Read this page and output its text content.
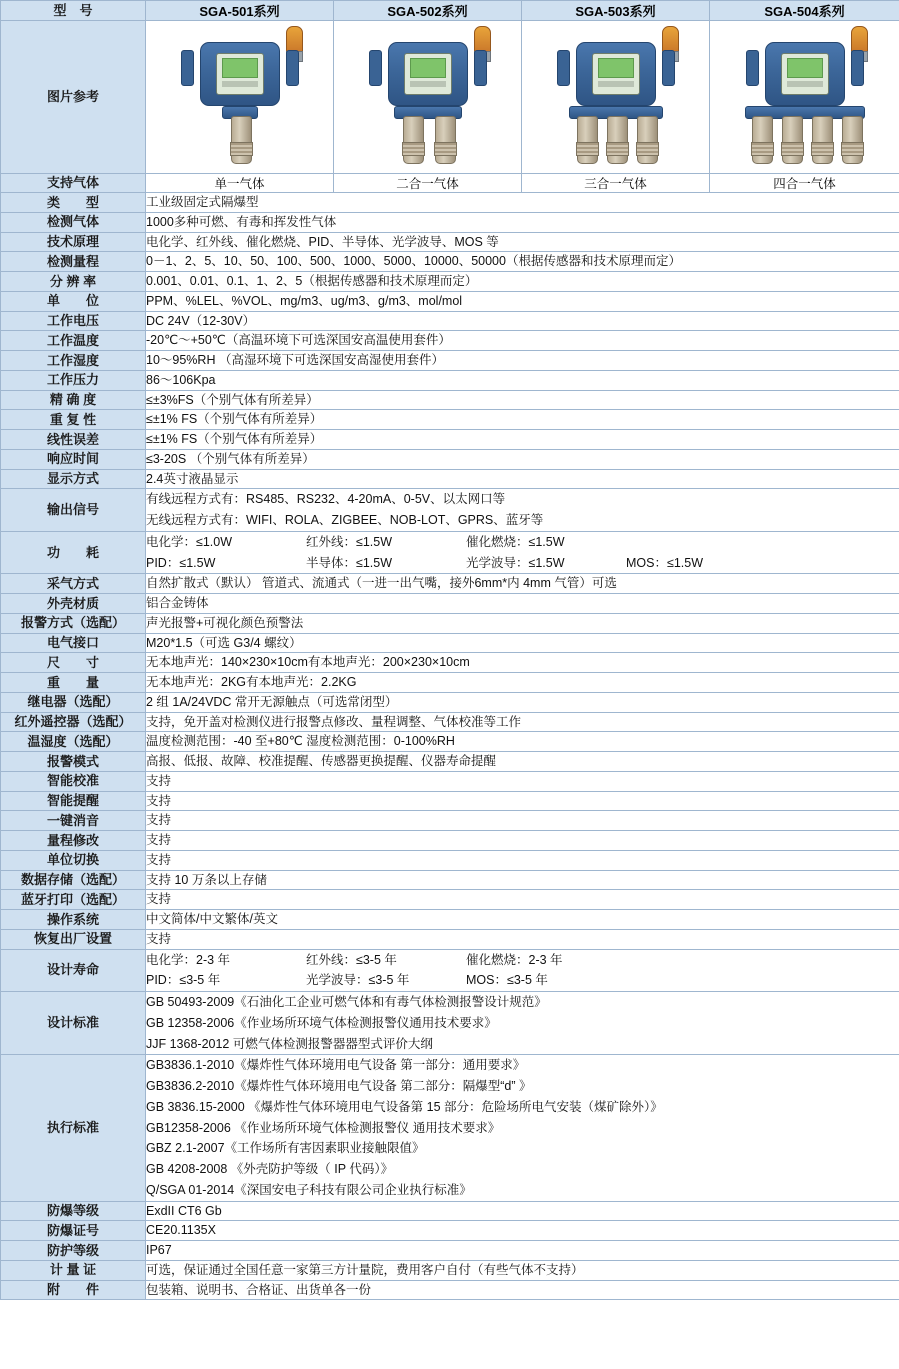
型　号	SGA-501系列	SGA-502系列	SGA-503系列	SGA-504系列
图片参考	

支持气体	单一气体	二合一气体	三合一气体	四合一气体
类　　型	工业级固定式隔爆型			
检测气体	1000多种可燃、有毒和挥发性气体			
技术原理	电化学、红外线、催化燃烧、PID、半导体、光学波导、MOS 等			
检测量程	0－1、2、5、10、50、100、500、1000、5000、10000、50000（根据传感器和技术原理而定）			
分 辨 率	0.001、0.01、0.1、1、2、5（根据传感器和技术原理而定）			
单　　位	PPM、%LEL、%VOL、mg/m3、ug/m3、g/m3、mol/mol			
工作电压	DC 24V（12-30V）			
工作温度	-20℃～+50℃（高温环境下可选深国安高温使用套件）			
工作湿度	10～95%RH （高湿环境下可选深国安高湿使用套件）			
工作压力	86～106Kpa			
精 确 度	≤±3%FS（个别气体有所差异）			
重 复 性	≤±1% FS（个别气体有所差异）			
线性误差	≤±1% FS（个别气体有所差异）			
响应时间	≤3-20S （个别气体有所差异）			
显示方式	2.4英寸液晶显示			
输出信号	有线远程方式有：RS485、RS232、4-20mA、0-5V、以太网口等
无线远程方式有：WIFI、ROLA、ZIGBEE、NOB-LOT、GPRS、蓝牙等			

功　　耗	
电化学：≤1.0W	红外线：≤1.5W	催化燃烧：≤1.5W
PID：≤1.5W	半导体：≤1.5W	光学波导：≤1.5W	MOS：≤1.5W

采气方式	自然扩散式（默认） 管道式、流通式（一进一出气嘴，接外6mm*内 4mm 气管）可选			
外壳材质	铝合金铸体			
报警方式（选配）	声光报警+可视化颜色预警法			
电气接口	M20*1.5（可选 G3/4 螺纹）			
尺　　寸	无本地声光：140×230×10cm有本地声光：200×230×10cm			
重　　量	无本地声光：2KG有本地声光：2.2KG			
继电器（选配）	2 组 1A/24VDC 常开无源触点（可选常闭型）			
红外遥控器（选配）	支持，免开盖对检测仪进行报警点修改、量程调整、气体校准等工作			
温湿度（选配）	温度检测范围：-40 至+80℃ 湿度检测范围：0-100%RH			
报警模式	高报、低报、故障、校准提醒、传感器更换提醒、仪器寿命提醒			
智能校准	支持			
智能提醒	支持			
一键消音	支持			
量程修改	支持			
单位切换	支持			
数据存储（选配）	支持 10 万条以上存储			
蓝牙打印（选配）	支持			
操作系统	中文简体/中文繁体/英文			
恢复出厂设置	支持			
设计寿命	
电化学：2-3 年	红外线：≤3-5 年	催化燃烧：2-3 年
PID：≤3-5 年	光学波导：≤3-5 年	MOS：≤3-5 年

设计标准	GB 50493-2009《石油化工企业可燃气体和有毒气体检测报警设计规范》
GB 12358-2006《作业场所环境气体检测报警仪通用技术要求》
JJF 1368-2012 可燃气体检测报警器器型式评价大纲			

执行标准	
GB3836.1-2010《爆炸性气体环境用电气设备 第一部分：通用要求》
GB3836.2-2010《爆炸性气体环境用电气设备 第二部分：隔爆型“d” 》
GB 3836.15-2000 《爆炸性气体环境用电气设备第 15 部分：危险场所电气安装（煤矿除外）》
GB12358-2006 《作业场所环境气体检测报警仪 通用技术要求》
GBZ 2.1-2007《工作场所有害因素职业接触限值》
GB 4208-2008 《外壳防护等级（ IP 代码）》
Q/SGA 01-2014《深国安电子科技有限公司企业执行标准》

防爆等级	ExdII CT6 Gb			
防爆证号	CE20.1135X			
防护等级	IP67			
计 量 证	可选，保证通过全国任意一家第三方计量院，费用客户自付（有些气体不支持）			
附　　件	包装箱、说明书、合格证、出货单各一份			
